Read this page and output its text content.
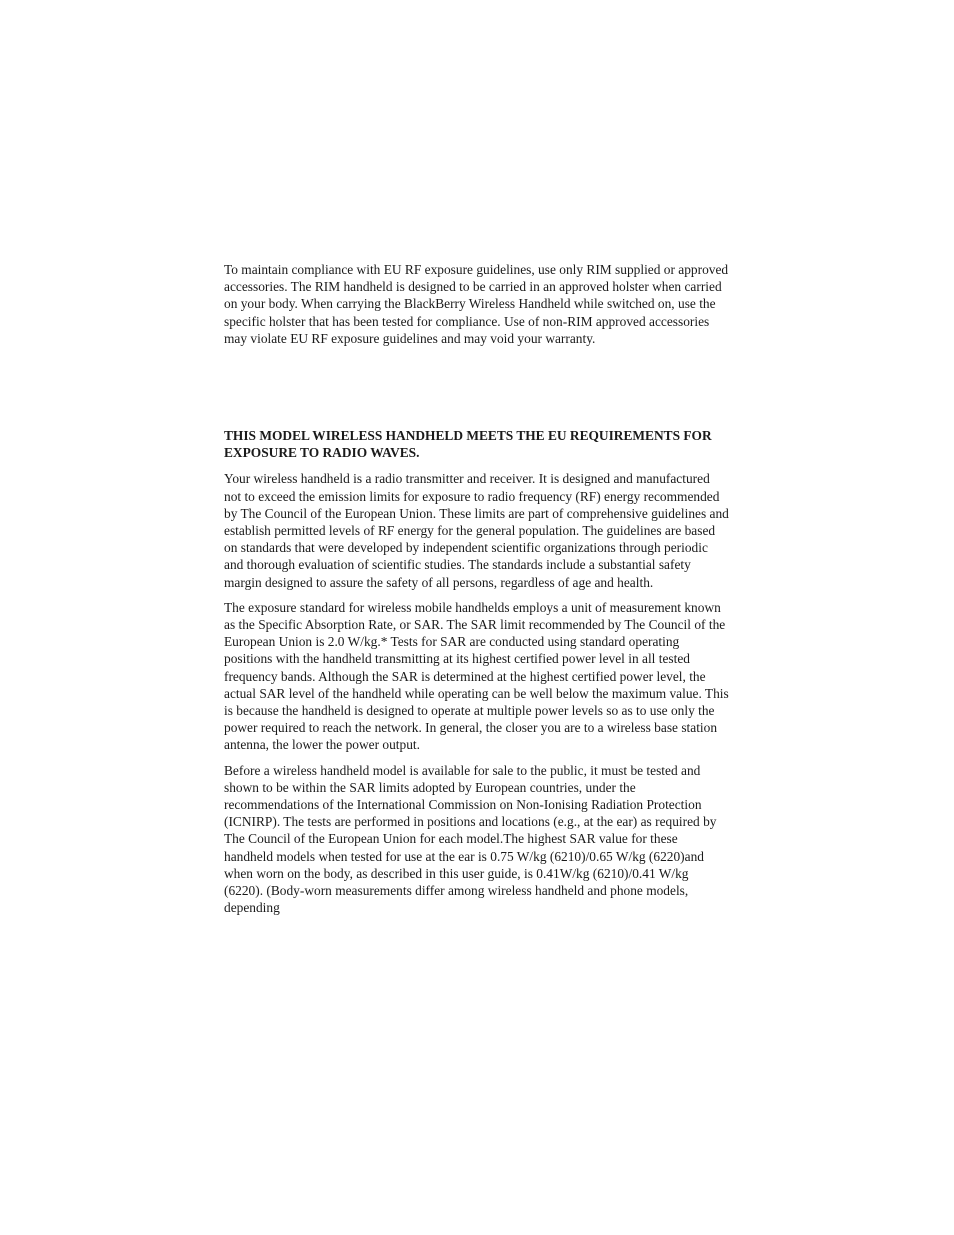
To maintain compliance with EU RF exposure guidelines, use only RIM supplied or approved accessories. The RIM handheld is designed to be carried in an approved holster when carried on your body. When carrying the BlackBerry Wireless Handheld while switched on, use the specific holster that has been tested for compliance. Use of non-RIM approved accessories may violate EU RF exposure guidelines and may void your warranty.

THIS MODEL WIRELESS HANDHELD MEETS THE EU REQUIREMENTS FOR EXPOSURE TO RADIO WAVES.

Your wireless handheld is a radio transmitter and receiver. It is designed and manufactured not to exceed the emission limits for exposure to radio frequency (RF) energy recommended by The Council of the European Union. These limits are part of comprehensive guidelines and establish permitted levels of RF energy for the general population. The guidelines are based on standards that were developed by independent scientific organizations through periodic and thorough evaluation of scientific studies. The standards include a substantial safety margin designed to assure the safety of all persons, regardless of age and health.

The exposure standard for wireless mobile handhelds employs a unit of measurement known as the Specific Absorption Rate, or SAR. The SAR limit recommended by The Council of the European Union is 2.0 W/kg.* Tests for SAR are conducted using standard operating positions with the handheld transmitting at its highest certified power level in all tested frequency bands. Although the SAR is determined at the highest certified power level, the actual SAR level of the handheld while operating can be well below the maximum value. This is because the handheld is designed to operate at multiple power levels so as to use only the power required to reach the network. In general, the closer you are to a wireless base station antenna, the lower the power output.

Before a wireless handheld model is available for sale to the public, it must be tested and shown to be within the SAR limits adopted by European countries, under the recommendations of the International Commission on Non-Ionising Radiation Protection (ICNIRP). The tests are performed in positions and locations (e.g., at the ear) as required by The Council of the European Union for each model.The highest SAR value for these handheld models when tested for use at the ear is 0.75 W/kg (6210)/0.65 W/kg (6220)and when worn on the body, as described in this user guide, is 0.41W/kg (6210)/0.41 W/kg (6220). (Body-worn measurements differ among wireless handheld and phone models, depending
